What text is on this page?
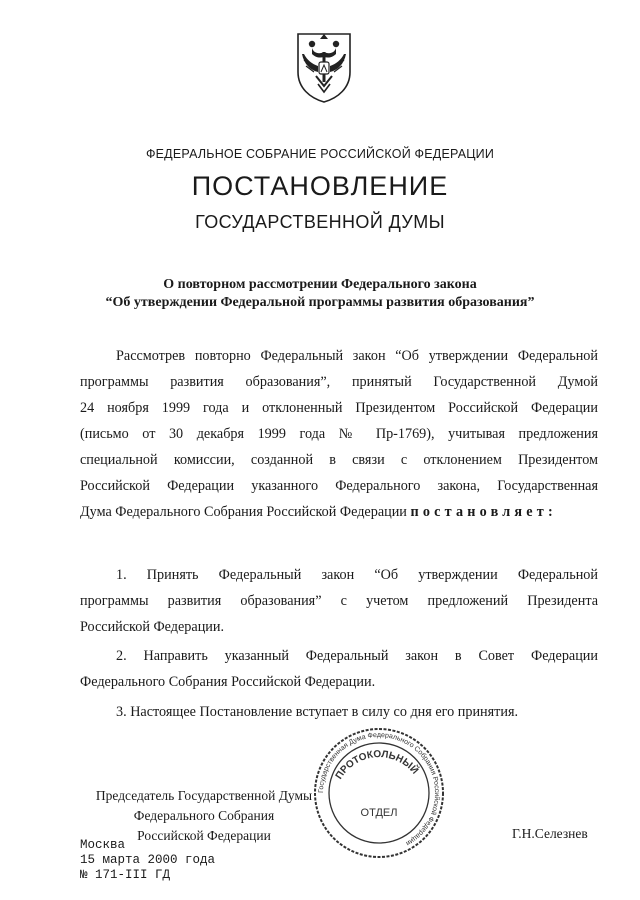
ФЕДЕРАЛЬНОЕ СОБРАНИЕ РОССИЙСКОЙ ФЕДЕРАЦИИ
ПОСТАНОВЛЕНИЕ
ГОСУДАРСТВЕННОЙ ДУМЫ
О повторном рассмотрении Федерального закона
“Об утверждении Федеральной программы развития образования”
Рассмотрев повторно Федеральный закон “Об утверждении Федеральной
программы развития образования”, принятый Государственной Думой
24 ноября 1999 года и отклоненный Президентом Российской Федерации
(письмо от 30 декабря 1999 года № Пр-1769), учитывая предложения
специальной комиссии, созданной в связи с отклонением Президентом
Российской Федерации указанного Федерального закона, Государственная
Дума Федерального Собрания Российской Федерации постановляет:
1. Принять Федеральный закон “Об утверждении Федеральной
программы развития образования” с учетом предложений Президента
Российской Федерации.
2. Направить указанный Федеральный закон в Совет Федерации
Федерального Собрания Российской Федерации.
3. Настоящее Постановление вступает в силу со дня его принятия.
Председатель Государственной Думы
Федерального Собрания
Российской Федерации	Г.Н.Селезнев
Государственная Дума Федерального Собрания Российской Федерации
ПРОТОКОЛЬНЫЙ
ОТДЕЛ
Москва
15 марта 2000 года
№ 171-III ГД
